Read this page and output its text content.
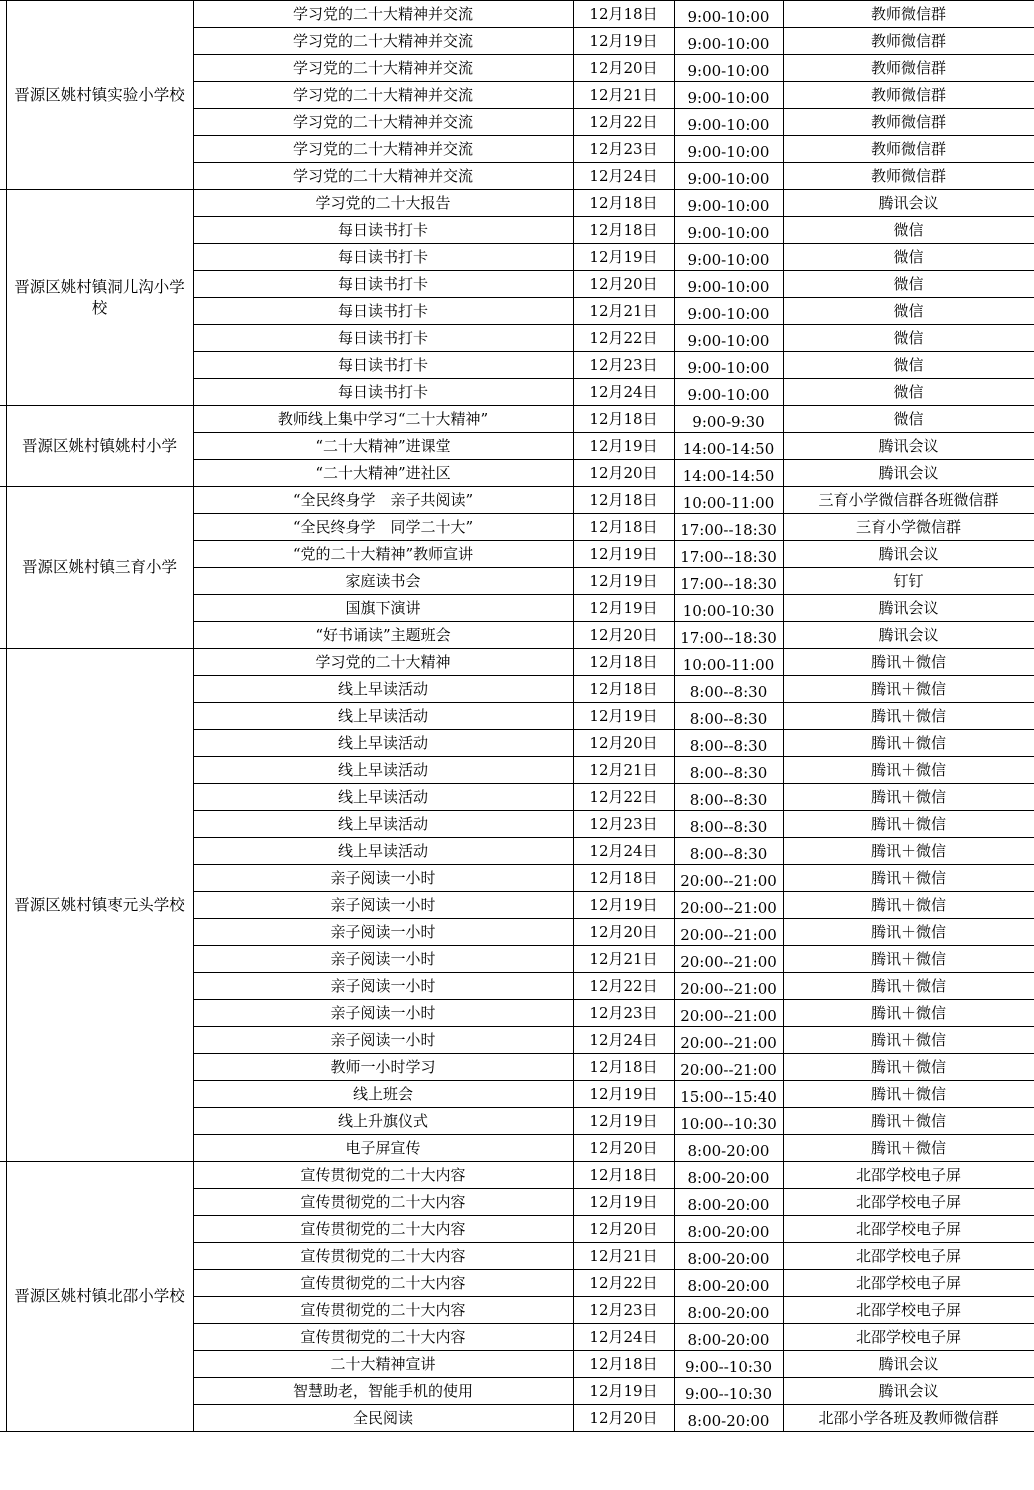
	晋源区姚村镇实验小学校	学习党的二十大精神并交流	12月18日	9:00-10:00	教师微信群
		学习党的二十大精神并交流	12月19日	9:00-10:00	教师微信群
		学习党的二十大精神并交流	12月20日	9:00-10:00	教师微信群
		学习党的二十大精神并交流	12月21日	9:00-10:00	教师微信群
		学习党的二十大精神并交流	12月22日	9:00-10:00	教师微信群
		学习党的二十大精神并交流	12月23日	9:00-10:00	教师微信群
		学习党的二十大精神并交流	12月24日	9:00-10:00	教师微信群
	晋源区姚村镇洞儿沟小学校	学习党的二十大报告	12月18日	9:00-10:00	腾讯会议
		每日读书打卡	12月18日	9:00-10:00	微信
		每日读书打卡	12月19日	9:00-10:00	微信
		每日读书打卡	12月20日	9:00-10:00	微信
		每日读书打卡	12月21日	9:00-10:00	微信
		每日读书打卡	12月22日	9:00-10:00	微信
		每日读书打卡	12月23日	9:00-10:00	微信
		每日读书打卡	12月24日	9:00-10:00	微信
	晋源区姚村镇姚村小学	教师线上集中学习“二十大精神”	12月18日	9:00-9:30	微信
		“二十大精神”进课堂	12月19日	14:00-14:50	腾讯会议
		“二十大精神”进社区	12月20日	14:00-14:50	腾讯会议
	晋源区姚村镇三育小学	“全民终身学　亲子共阅读”	12月18日	10:00-11:00	三育小学微信群各班微信群
		“全民终身学　同学二十大”	12月18日	17:00--18:30	三育小学微信群
		“党的二十大精神”教师宣讲	12月19日	17:00--18:30	腾讯会议
		家庭读书会	12月19日	17:00--18:30	钉钉
		国旗下演讲	12月19日	10:00-10:30	腾讯会议
		“好书诵读”主题班会	12月20日	17:00--18:30	腾讯会议
	晋源区姚村镇枣元头学校	学习党的二十大精神	12月18日	10:00-11:00	腾讯＋微信
		线上早读活动	12月18日	8:00--8:30	腾讯＋微信
		线上早读活动	12月19日	8:00--8:30	腾讯＋微信
		线上早读活动	12月20日	8:00--8:30	腾讯＋微信
		线上早读活动	12月21日	8:00--8:30	腾讯＋微信
		线上早读活动	12月22日	8:00--8:30	腾讯＋微信
		线上早读活动	12月23日	8:00--8:30	腾讯＋微信
		线上早读活动	12月24日	8:00--8:30	腾讯＋微信
		亲子阅读一小时	12月18日	20:00--21:00	腾讯＋微信
		亲子阅读一小时	12月19日	20:00--21:00	腾讯＋微信
		亲子阅读一小时	12月20日	20:00--21:00	腾讯＋微信
		亲子阅读一小时	12月21日	20:00--21:00	腾讯＋微信
		亲子阅读一小时	12月22日	20:00--21:00	腾讯＋微信
		亲子阅读一小时	12月23日	20:00--21:00	腾讯＋微信
		亲子阅读一小时	12月24日	20:00--21:00	腾讯＋微信
		教师一小时学习	12月18日	20:00--21:00	腾讯＋微信
		线上班会	12月19日	15:00--15:40	腾讯＋微信
		线上升旗仪式	12月19日	10:00--10:30	腾讯＋微信
		电子屏宣传	12月20日	8:00-20:00	腾讯＋微信
	晋源区姚村镇北邵小学校	宣传贯彻党的二十大内容	12月18日	8:00-20:00	北邵学校电子屏
		宣传贯彻党的二十大内容	12月19日	8:00-20:00	北邵学校电子屏
		宣传贯彻党的二十大内容	12月20日	8:00-20:00	北邵学校电子屏
		宣传贯彻党的二十大内容	12月21日	8:00-20:00	北邵学校电子屏
		宣传贯彻党的二十大内容	12月22日	8:00-20:00	北邵学校电子屏
		宣传贯彻党的二十大内容	12月23日	8:00-20:00	北邵学校电子屏
		宣传贯彻党的二十大内容	12月24日	8:00-20:00	北邵学校电子屏
		二十大精神宣讲	12月18日	9:00--10:30	腾讯会议
		智慧助老，智能手机的使用	12月19日	9:00--10:30	腾讯会议
		全民阅读	12月20日	8:00-20:00	北邵小学各班及教师微信群
